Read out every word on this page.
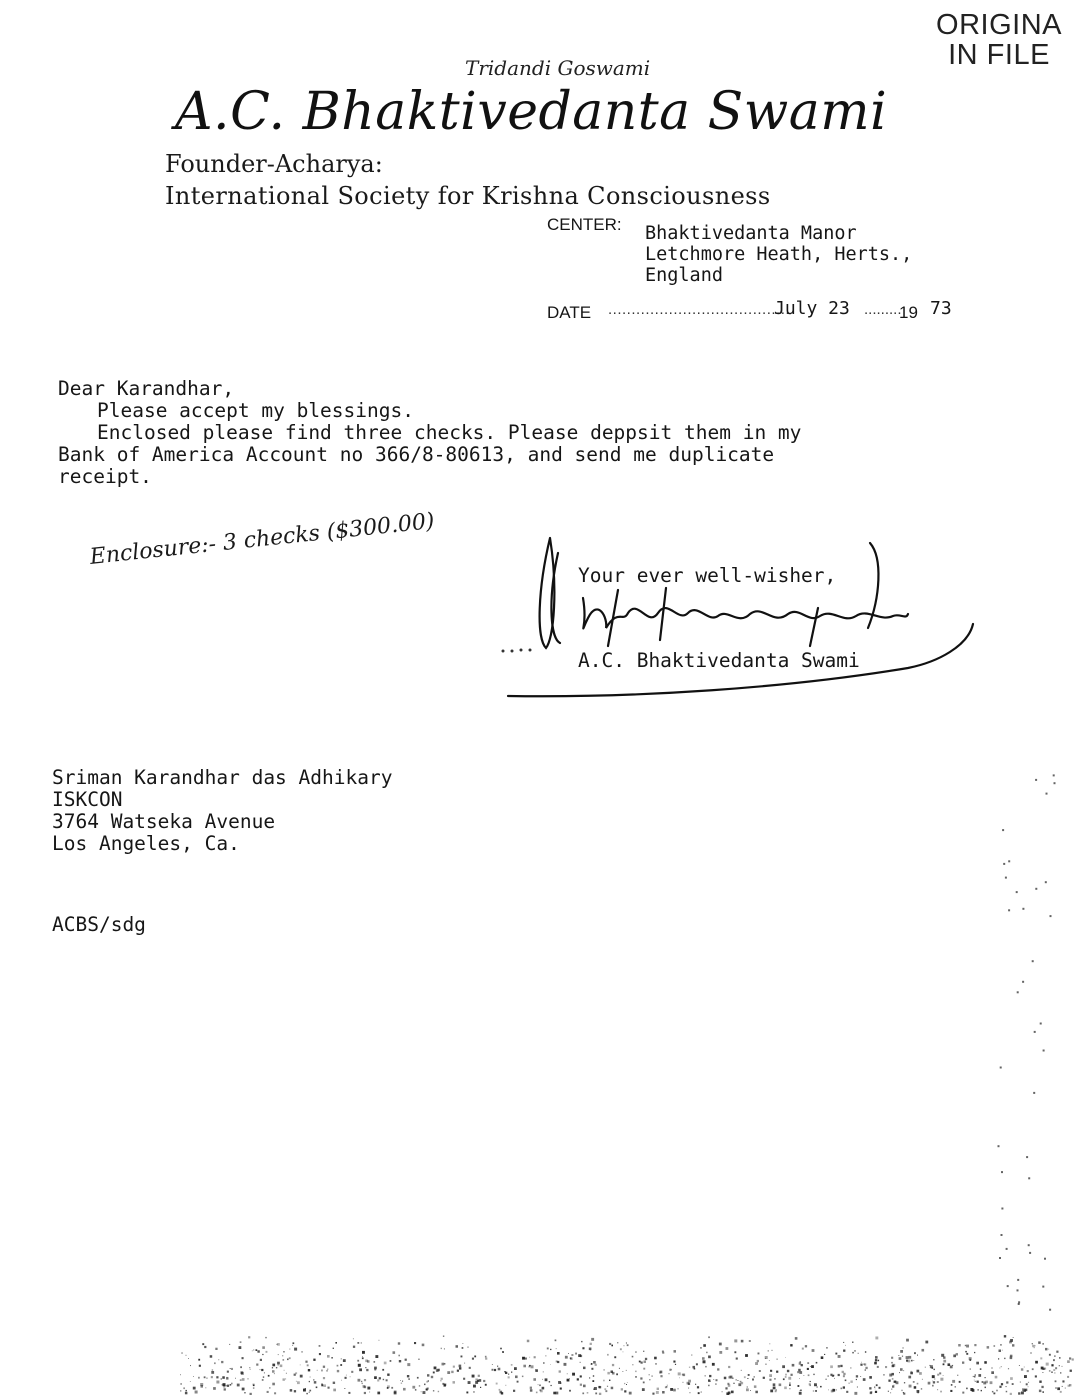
ORIGINA
IN FILE
Tridandi Goswami
A.C. Bhaktivedanta Swami
Founder-Acharya:
International Society for Krishna Consciousness
CENTER: Bhaktivedanta Manor
Letchmore Heath, Herts.,
England
DATE .......................................
July 23 .........
19 73
Dear Karandhar,
Please accept my blessings.
Enclosed please find three checks. Please deppsit them in my
Bank of America Account no 366/8-80613, and send me duplicate
receipt.
Enclosure:- 3 checks ($300.00)
Your ever well-wisher,
A.C. Bhaktivedanta Swami
Sriman Karandhar das Adhikary
ISKCON
3764 Watseka Avenue
Los Angeles, Ca.
ACBS/sdg
